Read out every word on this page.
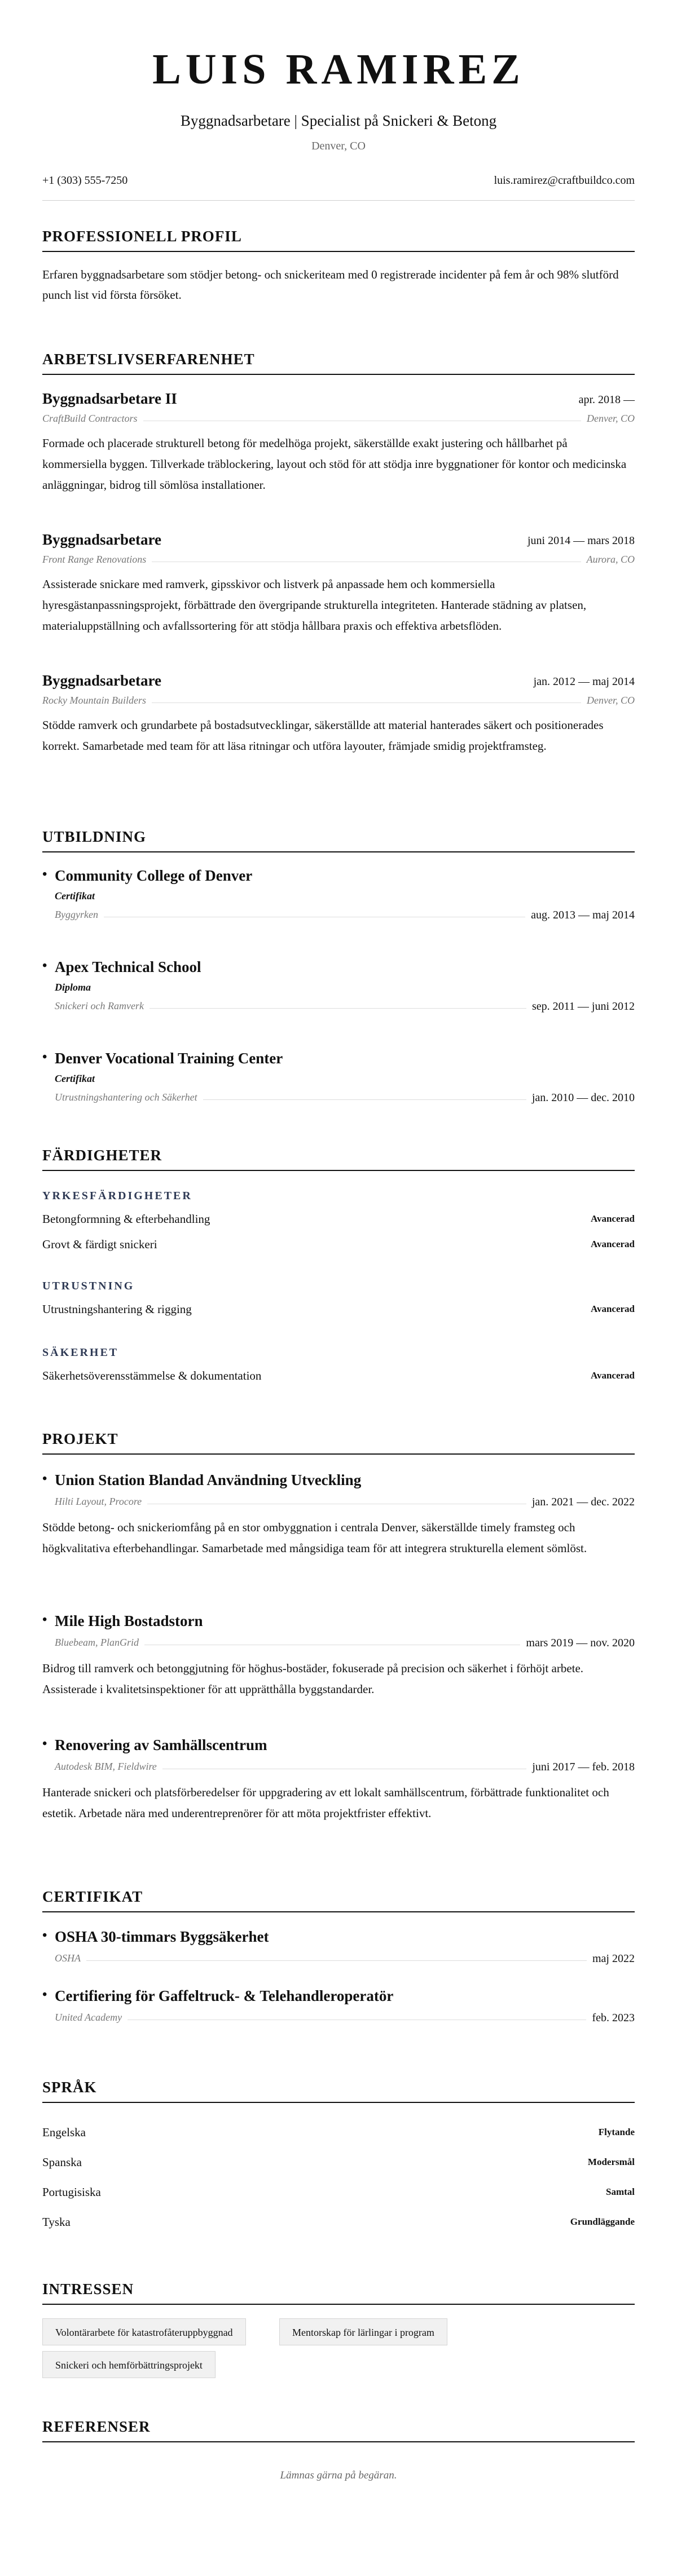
LUIS RAMIREZ
Byggnadsarbetare | Specialist på Snickeri & Betong
Denver, CO
+1 (303) 555-7250	luis.ramirez@craftbuildco.com
PROFESSIONELL PROFIL

Erfaren byggnadsarbetare som stödjer betong- och snickeriteam med 0 registrerade incidenter på fem år och 98% slutförd punch list vid första försöket.

ARBETSLIVSERFARENHET
Byggnadsarbetare II	apr. 2018 —
CraftBuild Contractors	Denver, CO

Formade och placerade strukturell betong för medelhöga projekt, säkerställde exakt justering och hållbarhet på kommersiella byggen. Tillverkade träblockering, layout och stöd för att stödja inre byggnationer för kontor och medicinska anläggningar, bidrog till sömlösa installationer.

Byggnadsarbetare	juni 2014 — mars 2018
Front Range Renovations	Aurora, CO

Assisterade snickare med ramverk, gipsskivor och listverk på anpassade hem och kommersiella hyresgästanpassningsprojekt, förbättrade den övergripande strukturella integriteten. Hanterade städning av platsen, materialuppställning och avfallssortering för att stödja hållbara praxis och effektiva arbetsflöden.

Byggnadsarbetare	jan. 2012 — maj 2014
Rocky Mountain Builders	Denver, CO

Stödde ramverk och grundarbete på bostadsutvecklingar, säkerställde att material hanterades säkert och positionerades korrekt. Samarbetade med team för att läsa ritningar och utföra layouter, främjade smidig projektframsteg.

UTBILDNING
• Community College of Denver
Certifikat
Byggyrken	aug. 2013 — maj 2014
• Apex Technical School
Diploma
Snickeri och Ramverk	sep. 2011 — juni 2012
• Denver Vocational Training Center
Certifikat
Utrustningshantering och Säkerhet	jan. 2010 — dec. 2010
FÄRDIGHETER
YRKESFÄRDIGHETER
Betongformning & efterbehandling	Avancerad
Grovt & färdigt snickeri	Avancerad
UTRUSTNING
Utrustningshantering & rigging	Avancerad
SÄKERHET
Säkerhetsöverensstämmelse & dokumentation	Avancerad
PROJEKT
• Union Station Blandad Användning Utveckling
Hilti Layout, Procore	jan. 2021 — dec. 2022

Stödde betong- och snickeriomfång på en stor ombyggnation i centrala Denver, säkerställde timely framsteg och högkvalitativa efterbehandlingar. Samarbetade med mångsidiga team för att integrera strukturella element sömlöst.

• Mile High Bostadstorn
Bluebeam, PlanGrid	mars 2019 — nov. 2020

Bidrog till ramverk och betonggjutning för höghus-bostäder, fokuserade på precision och säkerhet i förhöjt arbete. Assisterade i kvalitetsinspektioner för att upprätthålla byggstandarder.

• Renovering av Samhällscentrum
Autodesk BIM, Fieldwire	juni 2017 — feb. 2018

Hanterade snickeri och platsförberedelser för uppgradering av ett lokalt samhällscentrum, förbättrade funktionalitet och estetik. Arbetade nära med underentreprenörer för att möta projektfrister effektivt.

CERTIFIKAT
• OSHA 30-timmars Byggsäkerhet
OSHA	maj 2022
• Certifiering för Gaffeltruck- & Telehandleroperatör
United Academy	feb. 2023
SPRÅK
Engelska	Flytande
Spanska	Modersmål
Portugisiska	Samtal
Tyska	Grundläggande
INTRESSEN
Volontärarbete för katastrofåteruppbyggnad	Mentorskap för lärlingar i program
Snickeri och hemförbättringsprojekt
REFERENSER
Lämnas gärna på begäran.
